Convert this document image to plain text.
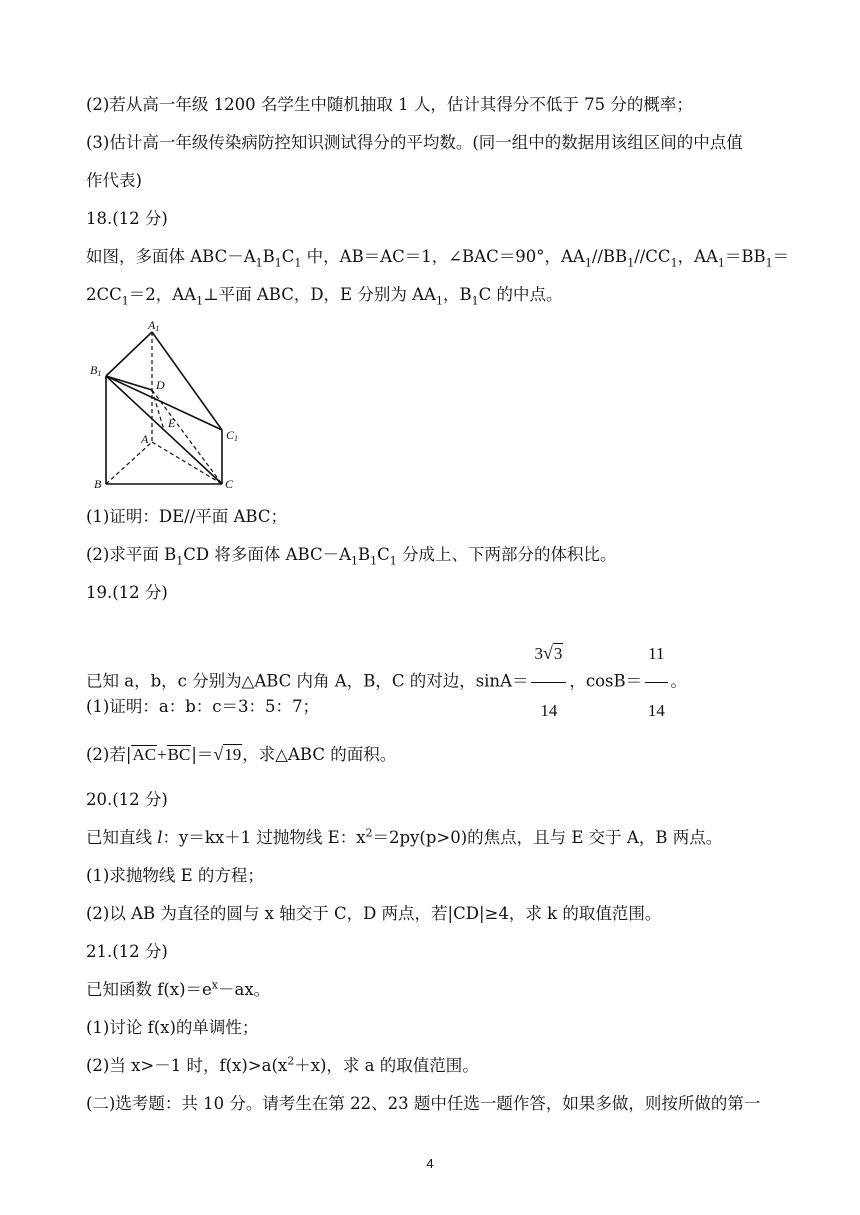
(2)若从高一年级 1200 名学生中随机抽取 1 人，估计其得分不低于 75 分的概率；
(3)估计高一年级传染病防控知识测试得分的平均数。(同一组中的数据用该组区间的中点值
作代表)
18.(12 分)
如图，多面体 $ABC-A_1B_1C_1$ 中，AB＝AC＝1，∠BAC＝90°，$AA_1//BB_1//CC_1$，$AA_1=BB_1=$
$2CC_1=2$，$AA_1\perp$平面 ABC，D，E 分别为 $AA_1$，$B_1C$ 的中点。
A1
B1
D
E
C1
A
B	C
(1)证明：DE//平面 ABC；
(2)求平面 $B_1CD$ 将多面体 $ABC-A_1B_1C_1$ 分成上、下两部分的体积比。
19.(12 分)
已知 a，b，c 分别为△ABC 内角 A，B，C 的对边，$\sin A= \frac{3√3}{14}$ ，$\cos B= \frac{11}{14}$ 。
(1)证明：a：b：c＝3：5：7；
(2)若|AC+BC|＝√19，求△ABC 的面积。
20.(12 分)
已知直线 l：y＝kx＋1 过抛物线 E：$x^2=2py(p>0)$的焦点，且与 E 交于 A，B 两点。
(1)求抛物线 E 的方程；
(2)以 AB 为直径的圆与 x 轴交于 C，D 两点，若|CD|≥4，求 k 的取值范围。
21.(12 分)
已知函数 $f(x)=e^x-ax$。
(1)讨论 f(x)的单调性；
(2)当 x>－1 时，$f(x)>a(x^2+x)$，求 a 的取值范围。
(二)选考题：共 10 分。请考生在第 22、23 题中任选一题作答，如果多做，则按所做的第一
4
